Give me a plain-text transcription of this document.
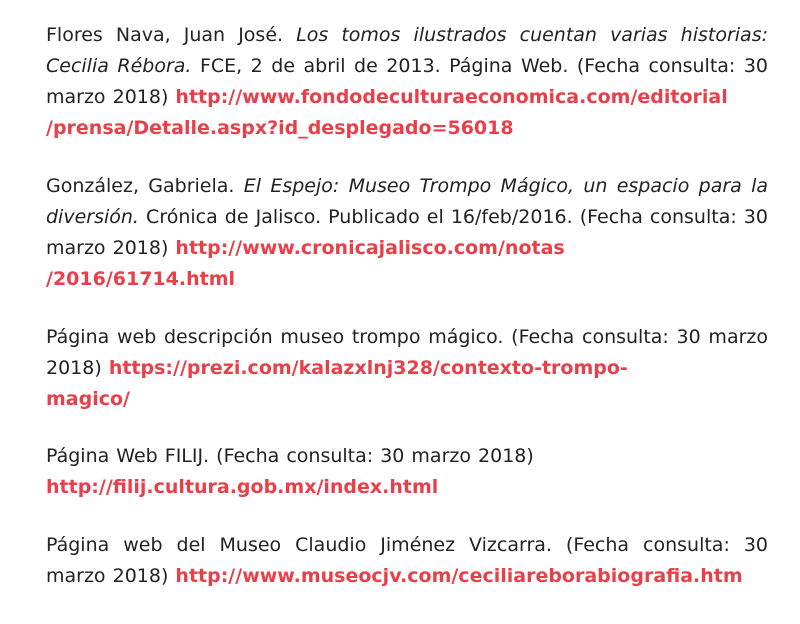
Flores Nava, Juan José. Los tomos ilustrados cuentan varias historias: Cecilia Rébora. FCE, 2 de abril de 2013. Página Web. (Fecha consulta: 30 marzo 2018) http://www.fondodeculturaeconomica.com/editorial
/prensa/Detalle.aspx?id_desplegado=56018

González, Gabriela. El Espejo: Museo Trompo Mágico, un espacio para la diversión. Crónica de Jalisco. Publicado el 16/feb/2016. (Fecha consulta: 30 marzo 2018) http://www.cronicajalisco.com/notas
/2016/61714.html

Página web descripción museo trompo mágico. (Fecha consulta: 30 marzo 2018) https://prezi.com/kalazxlnj328/contexto-trompo-
magico/

Página Web FILIJ. (Fecha consulta: 30 marzo 2018)
http://filij.cultura.gob.mx/index.html

Página web del Museo Claudio Jiménez Vizcarra. (Fecha consulta: 30 marzo 2018) http://www.museocjv.com/ceciliareborabiografia.htm
